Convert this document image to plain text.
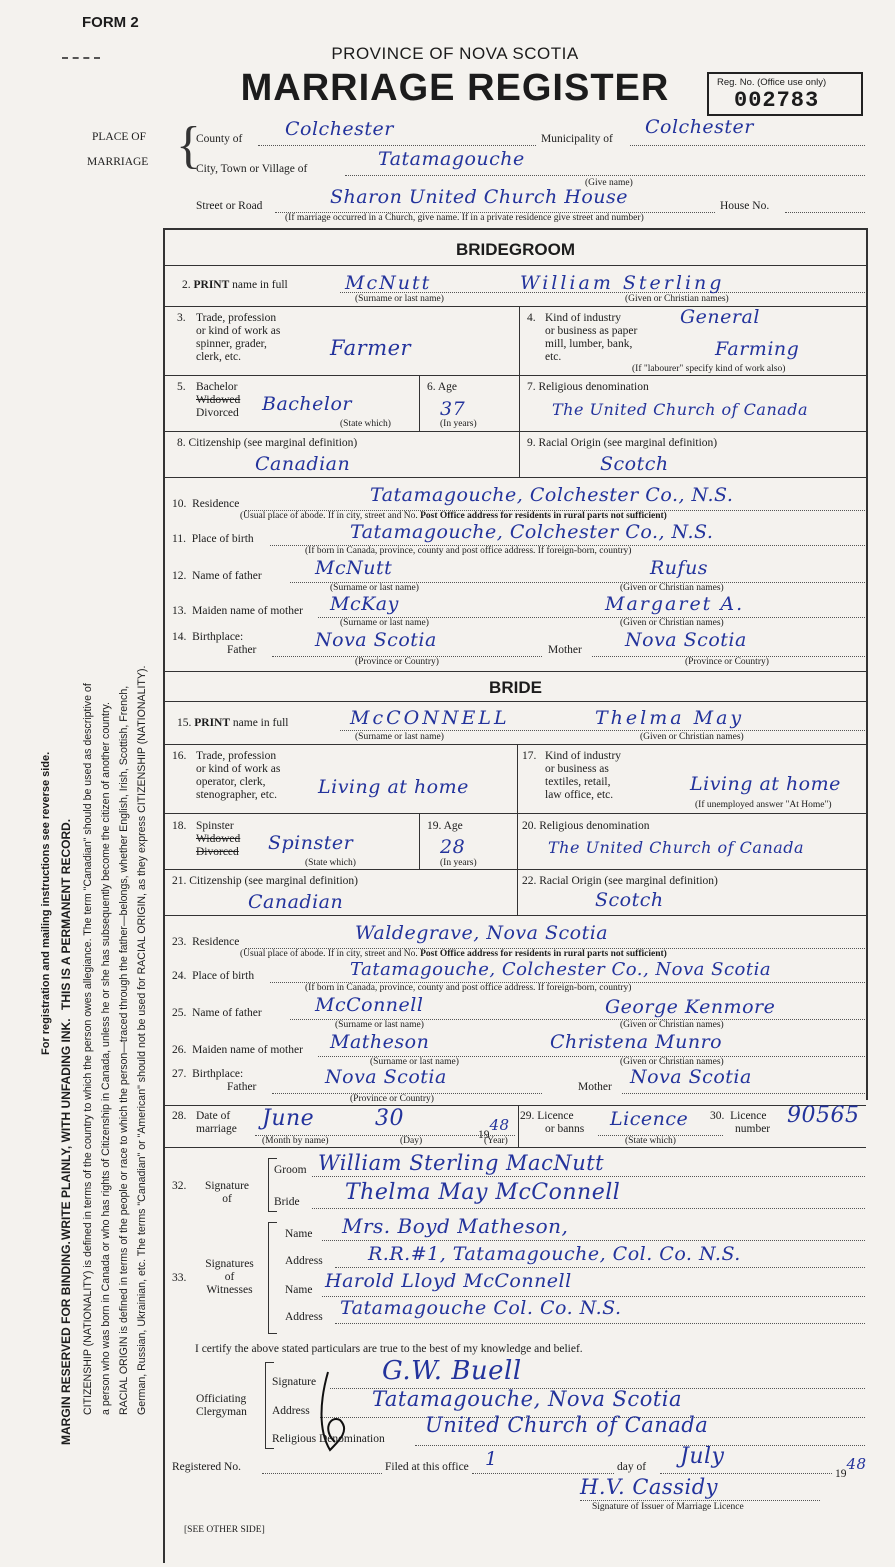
FORM 2
PROVINCE OF NOVA SCOTIA
MARRIAGE REGISTER	Reg. No. (Office use only)
002783
PLACE OF
MARRIAGE {
County of Colchester	Municipality of
Colchester
City, Town or Village of	Tatamagouche
(Give name)
Street or Road	Sharon United Church House	House No.
(If marriage occurred in a Church, give name. If in a private residence give street and number)
For registration and mailing instructions see reverse side.
MARGIN RESERVED FOR BINDING.
WRITE PLAINLY, WITH UNFADING INK.
THIS IS A PERMANENT RECORD. CITIZENSHIP (NATIONALITY) is defined in terms of the country to which the person owes allegiance. The term "Canadian" should be used as descriptive of a person who was born in Canada or who has rights of Citizenship in Canada, unless he or she has subsequently become the citizen of another country. RACIAL ORIGIN is defined in terms of the people or race to which the person—traced through the father—belongs, whether English, Irish, Scottish, French, German, Russian, Ukrainian, etc. The terms "Canadian" or "American" should not be used for RACIAL ORIGIN, as they express CITIZENSHIP (NATIONALITY).
BRIDEGROOM
2. PRINT name in full	McNutt	William Sterling
(Surname or last name)	(Given or Christian names)
3. Trade, profession
or kind of work as
spinner, grader,
clerk, etc.	Farmer
4. Kind of industry
or business as paper
mill, lumber, bank,
etc.
General
Farming
(If "labourer" specify kind of work also)
5. Bachelor
Widowed
Divorced Bachelor
(State which)
6. Age
37
(In years)
7. Religious denomination
The United Church of Canada
8. Citizenship (see marginal definition)
Canadian
9. Racial Origin (see marginal definition)
Scotch
10. Residence	Tatamagouche, Colchester Co., N.S.
(Usual place of abode. If in city, street and No. Post Office address for residents in rural parts not sufficient)
11. Place of birth	Tatamagouche, Colchester Co., N.S.
(If born in Canada, province, county and post office address. If foreign-born, country)
12. Name of father	McNutt	Rufus
(Surname or last name)	(Given or Christian names)
13. Maiden name of mother McKay	Margaret A.
(Surname or last name)	(Given or Christian names)
14. Birthplace:
Father	Nova Scotia	Mother Nova Scotia
(Province or Country)	(Province or Country)
BRIDE
15. PRINT name in full	McCONNELL	Thelma May
(Surname or last name)	(Given or Christian names)
16. Trade, profession
or kind of work as
operator, clerk,
stenographer, etc. Living at home
17. Kind of industry
or business as
textiles, retail,
law office, etc.	Living at home
(If unemployed answer "At Home")
18. Spinster
Widowed
Divorced Spinster
(State which)
19. Age
28
(In years)
20. Religious denomination
The United Church of Canada
21. Citizenship (see marginal definition)
Canadian
22. Racial Origin (see marginal definition)
Scotch
23. Residence	Waldegrave, Nova Scotia
(Usual place of abode. If in city, street and No. Post Office address for residents in rural parts not sufficient)
24. Place of birth	Tatamagouche, Colchester Co., Nova Scotia
(If born in Canada, province, county and post office address. If foreign-born, country)
25. Name of father	McConnell	George Kenmore
(Surname or last name)	(Given or Christian names)
26. Maiden name of mother Matheson	Christena Munro
(Surname or last name)	(Given or Christian names)
27. Birthplace:
Father	Nova Scotia	Mother Nova Scotia
(Province or Country)
28. Date of
marriage June	30
1948
(Month by name)	(Day)	(Year)
29. Licence
or banns Licence
(State which)
30. Licence
number
90565
32.	Signature
of
Groom William Sterling MacNutt
Bride Thelma May McConnell
33.
Signatures
of
Witnesses
Name Mrs. Boyd Matheson,
Address R.R.#1, Tatamagouche, Col. Co. N.S.
Name Harold Lloyd McConnell
Address Tatamagouche Col. Co. N.S.
I certify the above stated particulars are true to the best of my knowledge and belief.
Officiating
Clergyman
Signature	G.W. Buell
Address	Tatamagouche, Nova Scotia
Religious Denomination
United Church of Canada
Registered No.	Filed at this office 1	day of July
1948
H.V. Cassidy
Signature of Issuer of Marriage Licence
[SEE OTHER SIDE]
